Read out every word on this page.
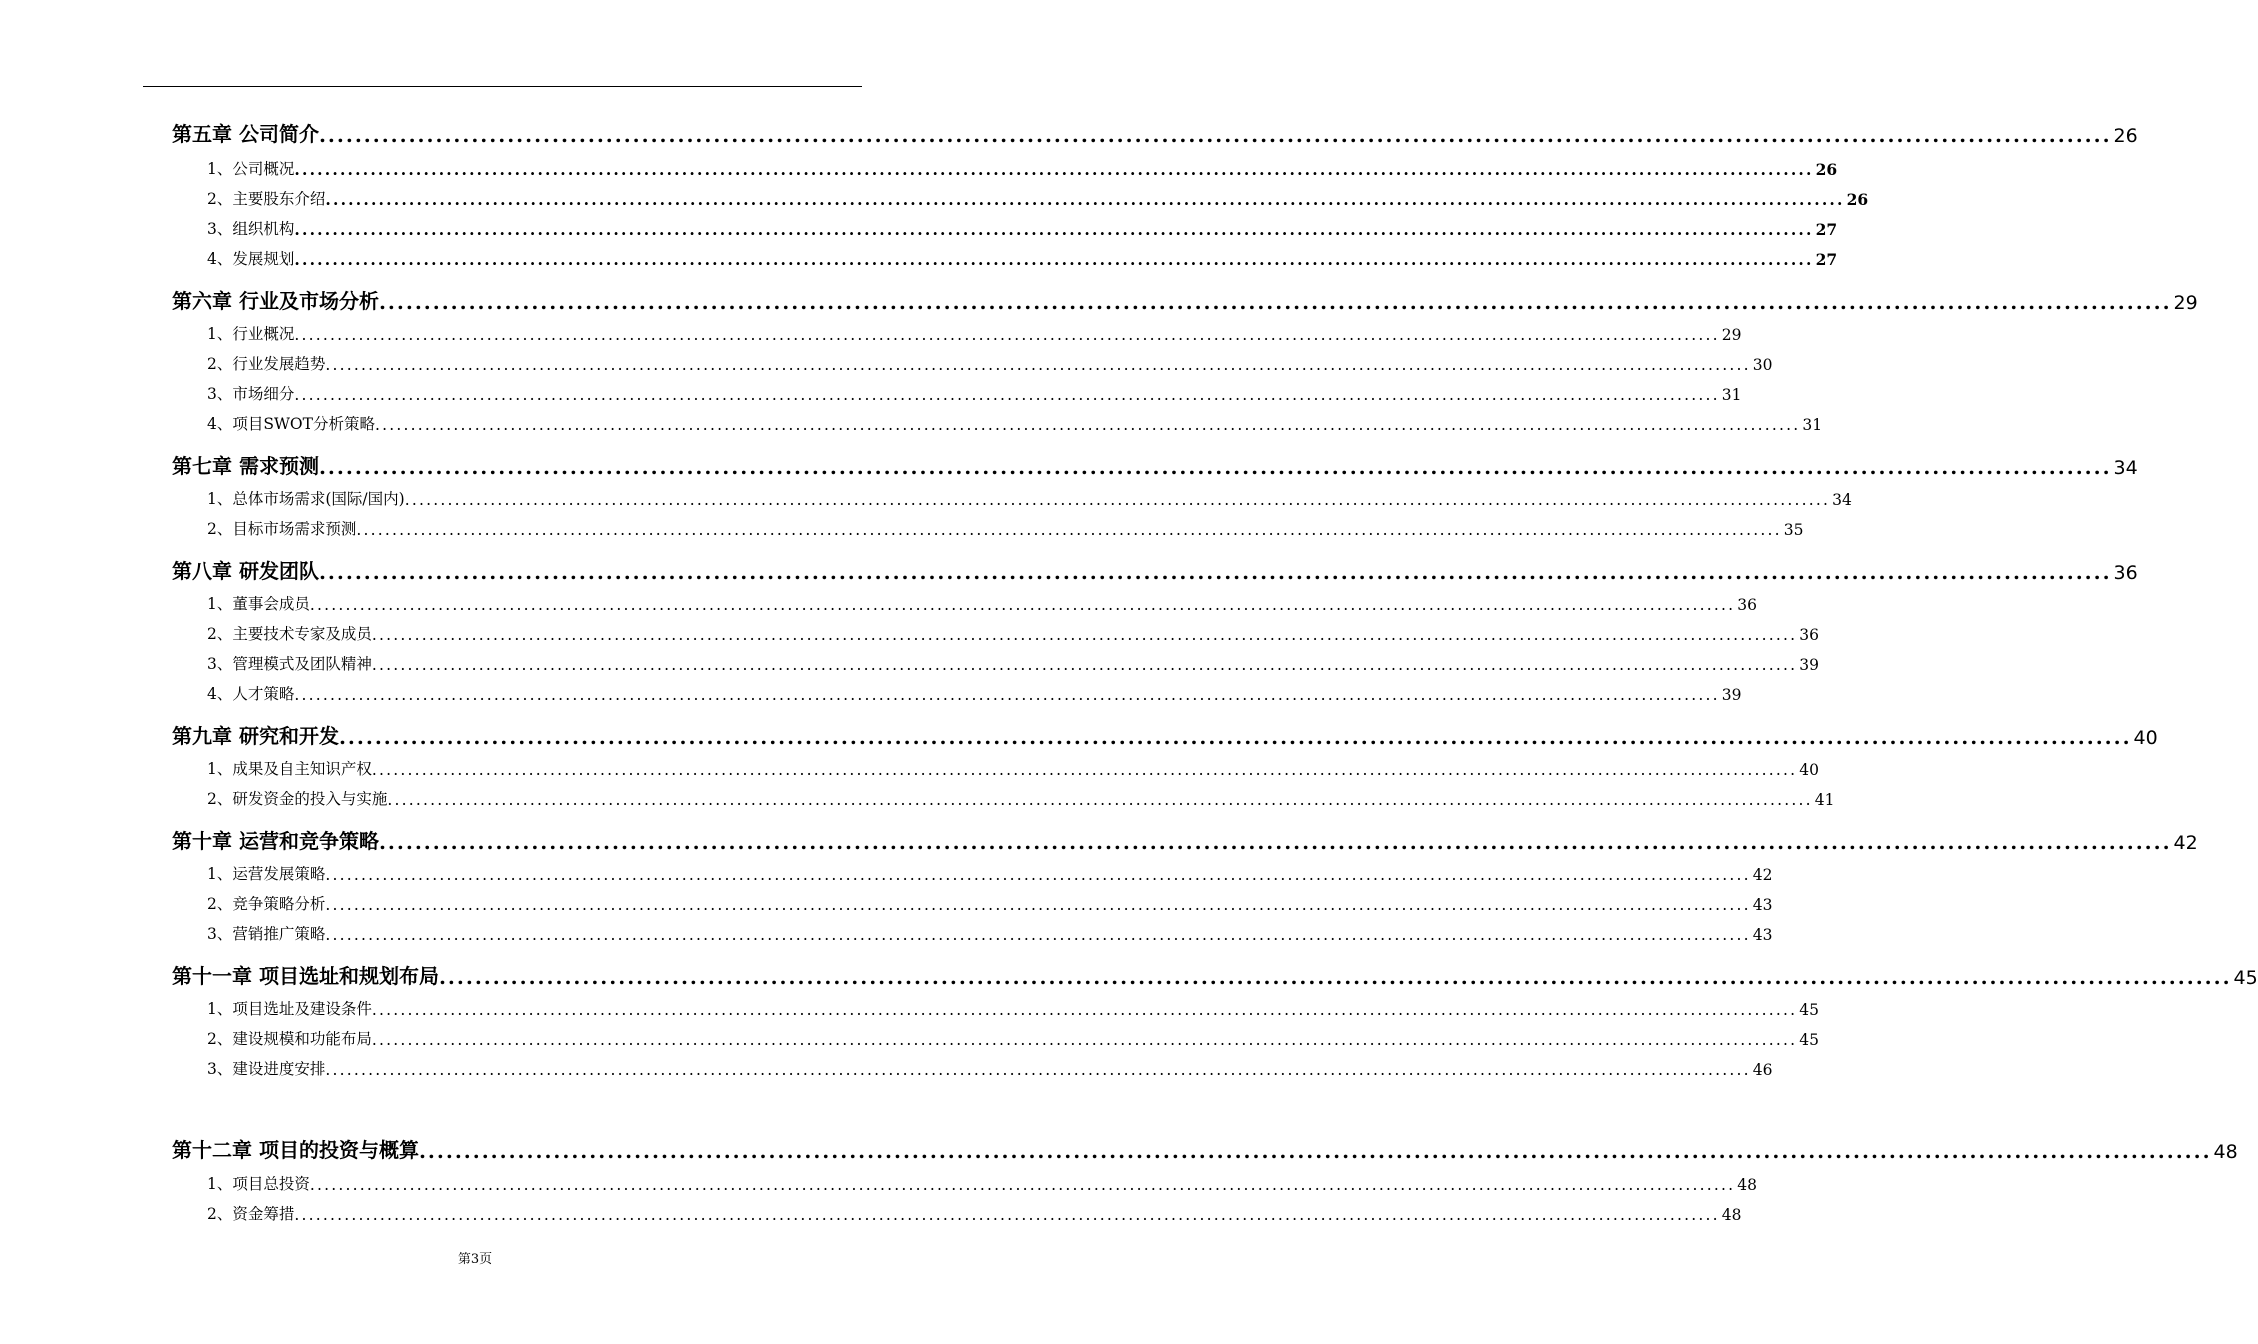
第五章 公司简介 ........................................................................................................................................................................................................ 26
1、公司概况 ........................................................................................................................................................................................................ 26
2、主要股东介绍 ........................................................................................................................................................................................................ 26
3、组织机构 ........................................................................................................................................................................................................ 27
4、发展规划 ........................................................................................................................................................................................................ 27
第六章 行业及市场分析 ........................................................................................................................................................................................................ 29
1、行业概况 ........................................................................................................................................................................................................ 29
2、行业发展趋势 ........................................................................................................................................................................................................ 30
3、市场细分 ........................................................................................................................................................................................................ 31
4、项目SWOT分析策略 ........................................................................................................................................................................................................ 31
第七章 需求预测 ........................................................................................................................................................................................................ 34
1、总体市场需求(国际/国内) ........................................................................................................................................................................................................ 34
2、目标市场需求预测 ........................................................................................................................................................................................................ 35
第八章 研发团队 ........................................................................................................................................................................................................ 36
1、董事会成员 ........................................................................................................................................................................................................ 36
2、主要技术专家及成员 ........................................................................................................................................................................................................ 36
3、管理模式及团队精神 ........................................................................................................................................................................................................ 39
4、人才策略 ........................................................................................................................................................................................................ 39
第九章 研究和开发 ........................................................................................................................................................................................................ 40
1、成果及自主知识产权 ........................................................................................................................................................................................................ 40
2、研发资金的投入与实施 ........................................................................................................................................................................................................ 41
第十章 运营和竞争策略 ........................................................................................................................................................................................................ 42
1、运营发展策略 ........................................................................................................................................................................................................ 42
2、竞争策略分析 ........................................................................................................................................................................................................ 43
3、营销推广策略 ........................................................................................................................................................................................................ 43
第十一章 项目选址和规划布局 ........................................................................................................................................................................................................ 45
1、项目选址及建设条件 ........................................................................................................................................................................................................ 45
2、建设规模和功能布局 ........................................................................................................................................................................................................ 45
3、建设进度安排 ........................................................................................................................................................................................................ 46
第十二章 项目的投资与概算 ........................................................................................................................................................................................................ 48
1、项目总投资 ........................................................................................................................................................................................................ 48
2、资金筹措 ........................................................................................................................................................................................................ 48
第3页
